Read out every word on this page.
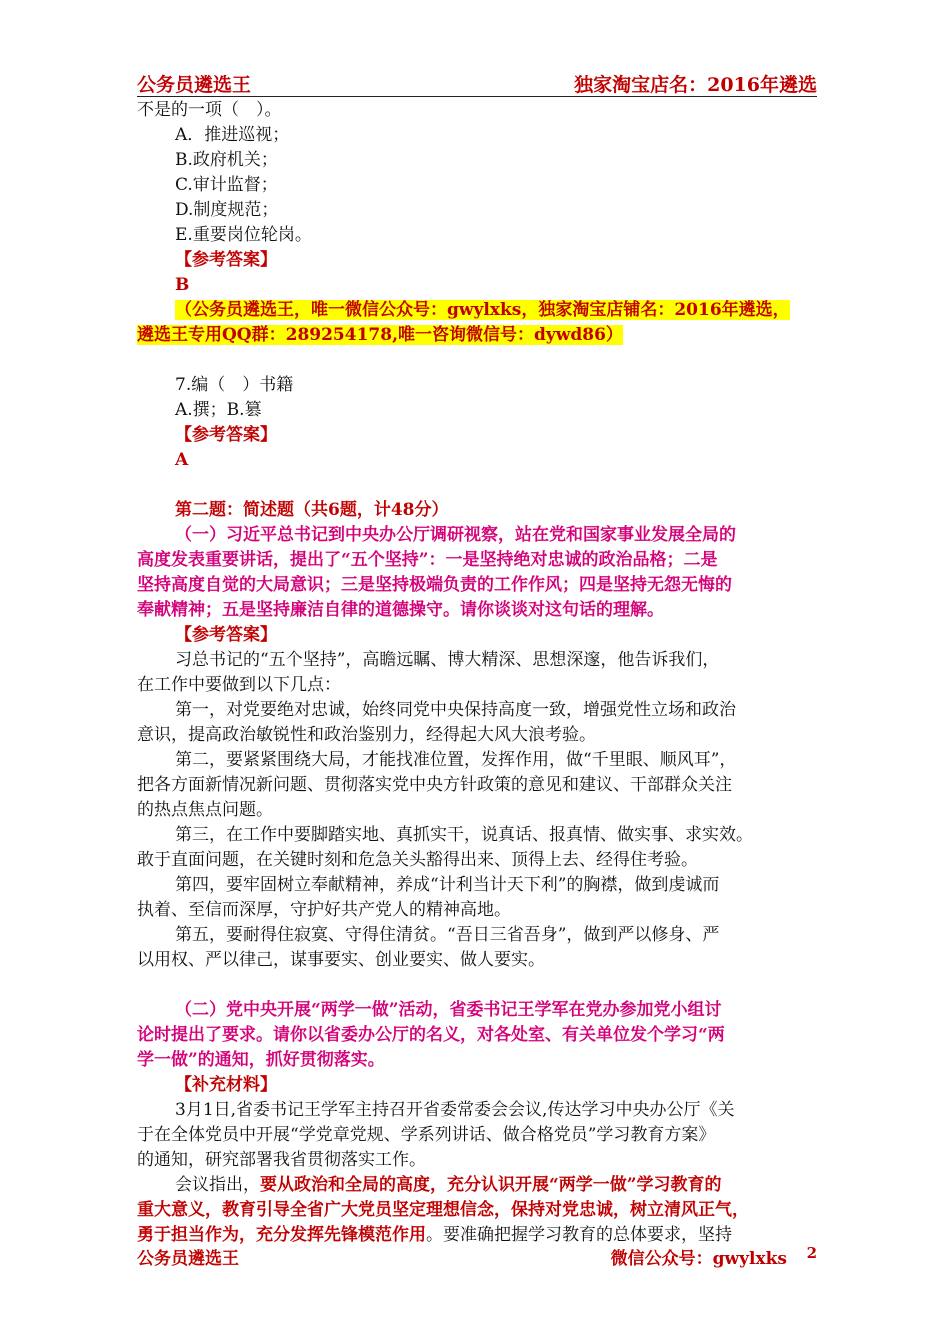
公务员遴选王	独家淘宝店名：2016年遴选
不是的一项（　）。
A．推进巡视；
B.政府机关；
C.审计监督；
D.制度规范；
E.重要岗位轮岗。
【参考答案】
B
（公务员遴选王，唯一微信公众号：gwylxks，独家淘宝店铺名：2016年遴选，
遴选王专用QQ群：289254178,唯一咨询微信号：dywd86）
7.编（　）书籍
A.撰；B.篡
【参考答案】
A
第二题：简述题（共6题，计48分）
（一）习近平总书记到中央办公厅调研视察，站在党和国家事业发展全局的
高度发表重要讲话，提出了“五个坚持”：一是坚持绝对忠诚的政治品格；二是
坚持高度自觉的大局意识；三是坚持极端负责的工作作风；四是坚持无怨无悔的
奉献精神；五是坚持廉洁自律的道德操守。请你谈谈对这句话的理解。
【参考答案】
习总书记的“五个坚持”，高瞻远瞩、博大精深、思想深邃，他告诉我们，
在工作中要做到以下几点：
第一，对党要绝对忠诚，始终同党中央保持高度一致，增强党性立场和政治
意识，提高政治敏锐性和政治鉴别力，经得起大风大浪考验。
第二，要紧紧围绕大局，才能找准位置，发挥作用，做“千里眼、顺风耳”，
把各方面新情况新问题、贯彻落实党中央方针政策的意见和建议、干部群众关注
的热点焦点问题。
第三，在工作中要脚踏实地、真抓实干，说真话、报真情、做实事、求实效。
敢于直面问题，在关键时刻和危急关头豁得出来、顶得上去、经得住考验。
第四，要牢固树立奉献精神，养成“计利当计天下利”的胸襟，做到虔诚而
执着、至信而深厚，守护好共产党人的精神高地。
第五，要耐得住寂寞、守得住清贫。“吾日三省吾身”，做到严以修身、严
以用权、严以律己，谋事要实、创业要实、做人要实。
（二）党中央开展“两学一做”活动，省委书记王学军在党办参加党小组讨
论时提出了要求。请你以省委办公厅的名义，对各处室、有关单位发个学习“两
学一做”的通知，抓好贯彻落实。
【补充材料】
3月1日,省委书记王学军主持召开省委常委会会议,传达学习中央办公厅《关
于在全体党员中开展“学党章党规、学系列讲话、做合格党员”学习教育方案》
的通知，研究部署我省贯彻落实工作。
会议指出，要从政治和全局的高度，充分认识开展“两学一做”学习教育的
重大意义，教育引导全省广大党员坚定理想信念，保持对党忠诚，树立清风正气，
勇于担当作为，充分发挥先锋模范作用。要准确把握学习教育的总体要求，坚持
公务员遴选王	微信公众号：gwylxks 2
